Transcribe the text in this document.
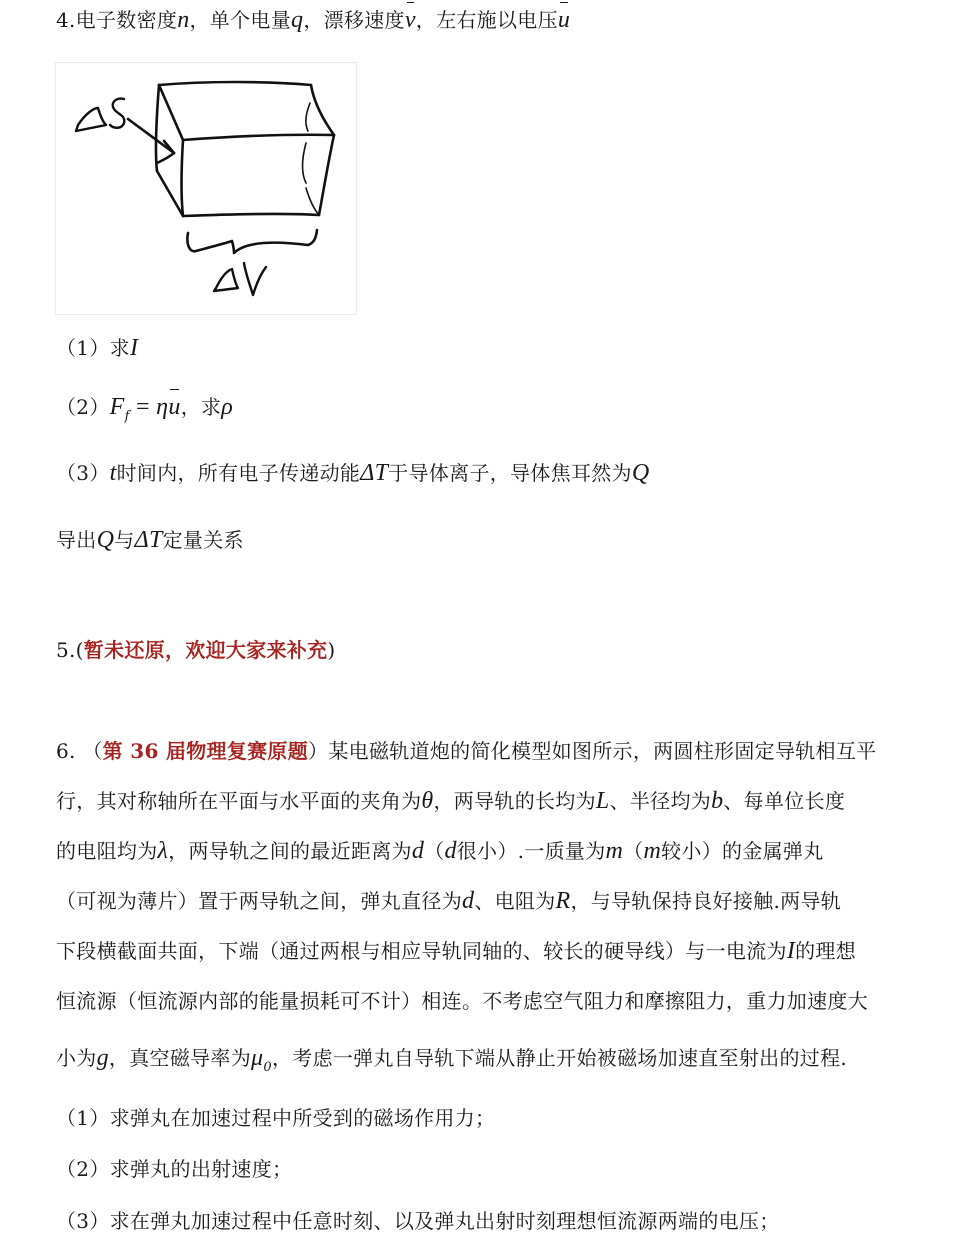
4.电子数密度n，单个电量q，漂移速度v，左右施以电压u
（1）求I
$(2)F_f = \eta u$，求ρ
（3）t时间内，所有电子传递动能ΔT于导体离子，导体焦耳然为Q
导出Q与ΔT定量关系
5.(暂未还原，欢迎大家来补充)
6. （第 36 届物理复赛原题）某电磁轨道炮的简化模型如图所示，两圆柱形固定导轨相互平
行，其对称轴所在平面与水平面的夹角为θ，两导轨的长均为L、半径均为b、每单位长度
的电阻均为λ，两导轨之间的最近距离为d（d很小）.一质量为m（m较小）的金属弹丸
（可视为薄片）置于两导轨之间，弹丸直径为d、电阻为R，与导轨保持良好接触.两导轨
下段横截面共面，下端（通过两根与相应导轨同轴的、较长的硬导线）与一电流为I的理想
恒流源（恒流源内部的能量损耗可不计）相连。不考虑空气阻力和摩擦阻力，重力加速度大
小为g，真空磁导率为$\mu_0$，考虑一弹丸自导轨下端从静止开始被磁场加速直至射出的过程.
（1）求弹丸在加速过程中所受到的磁场作用力；
（2）求弹丸的出射速度；
（3）求在弹丸加速过程中任意时刻、以及弹丸出射时刻理想恒流源两端的电压；
